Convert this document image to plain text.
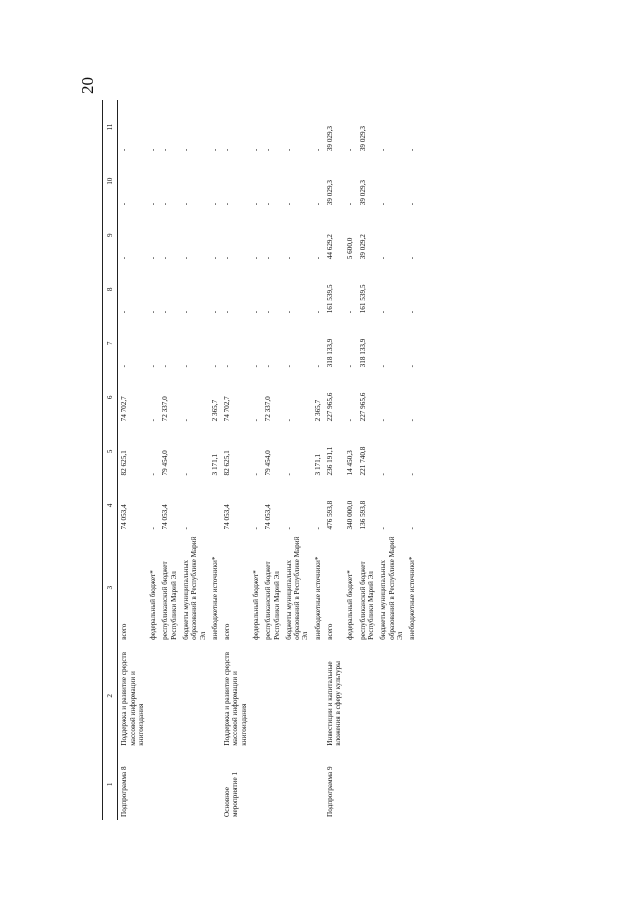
20
1	2	3	4	5	6	7	8	9	10	11
Подпрограмма 8	Поддержка и развитие средств массовой информации и книгоиздания	всего	74 053,4	82 625,1	74 702,7	-	-	-	-	-
		федеральный бюджет*	-	-	-	-	-	-	-	-
		республиканский бюджет Республики Марий Эл	74 053,4	79 454,0	72 337,0	-	-	-	-	-
		бюджеты муниципальных образований в Республике Марий Эл	-	-	-	-	-	-	-	-
		внебюджетные источники*		3 171,1	2 365,7	-	-	-	-	-
Основное мероприятие 1	Поддержка и развитие средств массовой информации и книгоиздания	всего	74 053,4	82 625,1	74 702,7	-	-	-	-	-
		федеральный бюджет*	-	-	-	-	-	-	-	-
		республиканский бюджет Республики Марий Эл	74 053,4	79 454,0	72 337,0	-	-	-	-	-
		бюджеты муниципальных образований в Республике Марий Эл	-	-	-	-	-	-	-	-
		внебюджетные источники*	-	3 171,1	2 365,7	-	-	-	-	-
Подпрограмма 9	Инвестиции и капитальные вложения в сферу культуры	всего	476 593,8	236 191,1	227 965,6	318 133,9	161 539,5	44 629,2	39 029,3	39 029,3
		федеральный бюджет*	340 000,0	14 450,3	-	-	-	5 600,0	-	-
		республиканский бюджет Республики Марий Эл	136 593,8	221 740,8	227 965,6	318 133,9	161 539,5	39 029,2	39 029,3	39 029,3
		бюджеты муниципальных образований в Республике Марий Эл	-	-	-	-	-	-	-	-
		внебюджетные источники*	-	-	-	-	-	-	-	-
